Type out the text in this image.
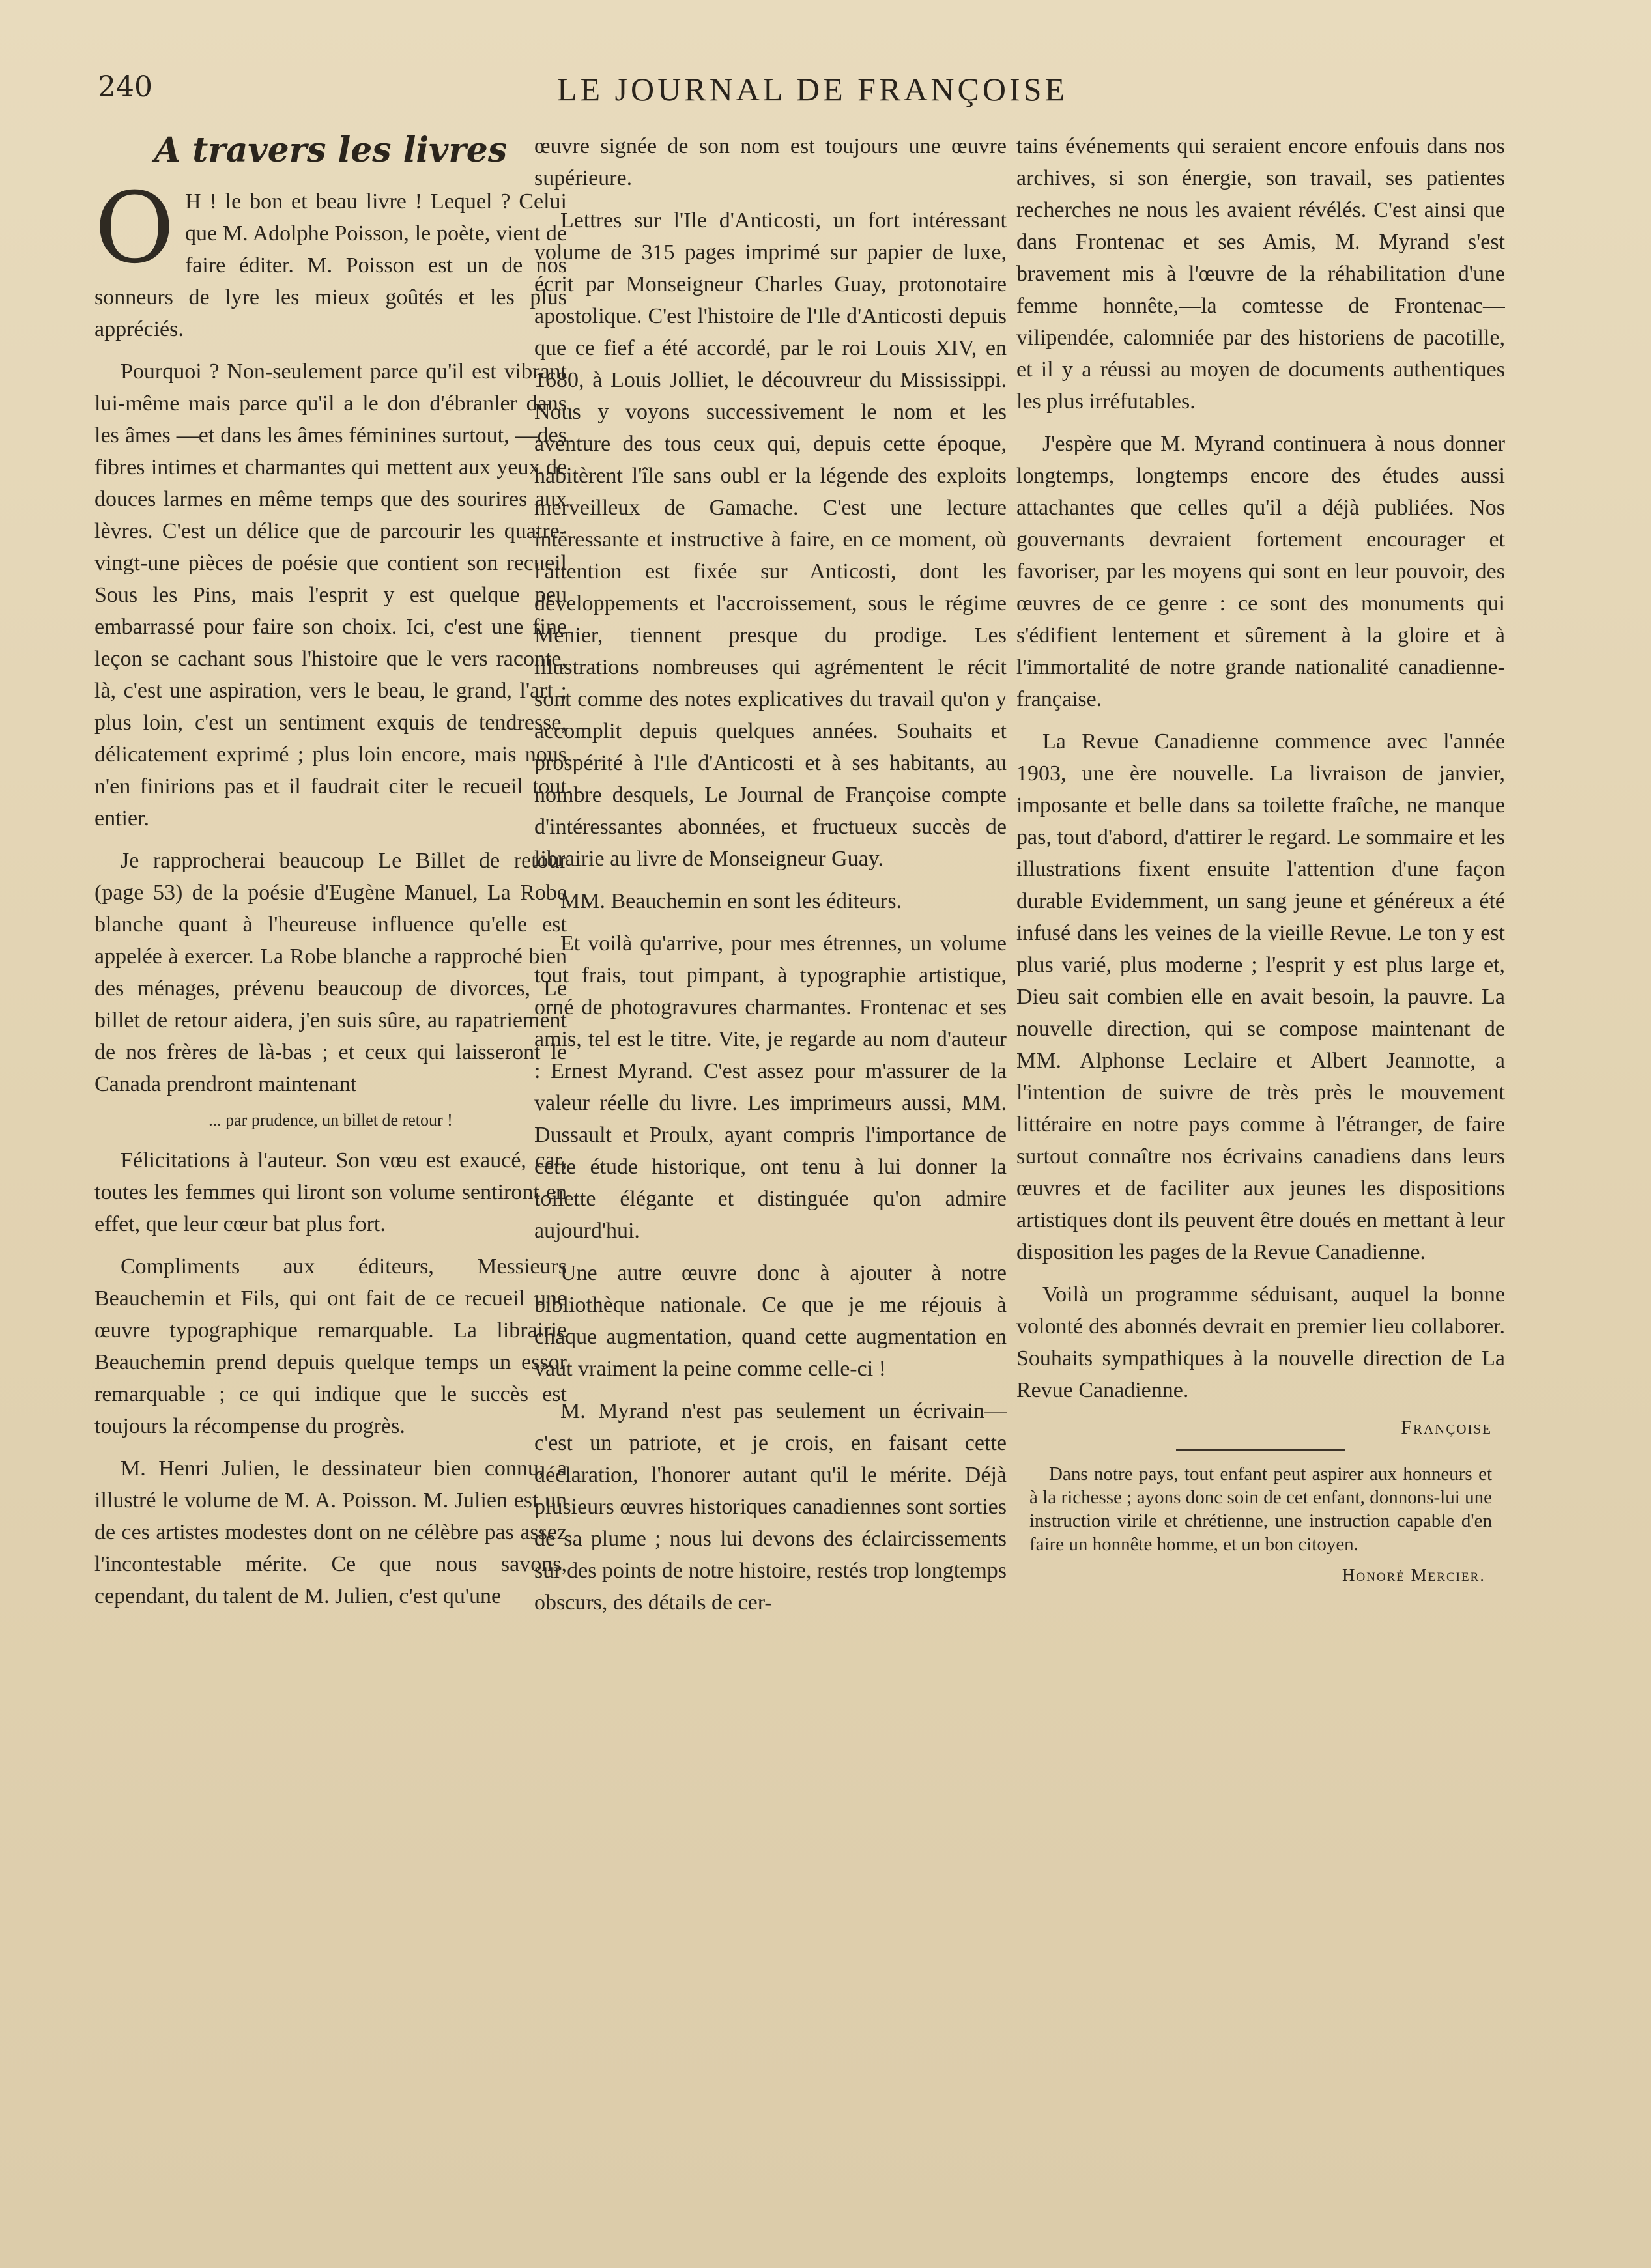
240	LE JOURNAL DE FRANÇOISE
A travers les livres
O H ! le bon et beau livre ! Lequel ? Celui que M. Adolphe Poisson, le poète, vient de faire éditer. M. Poisson est un de nos sonneurs de lyre les mieux goûtés et les plus appréciés.
Pourquoi ? Non-seulement parce qu'il est vibrant lui-même mais parce qu'il a le don d'ébranler dans les âmes —et dans les âmes féminines surtout, —des fibres intimes et charmantes qui mettent aux yeux de douces larmes en même temps que des sourires aux lèvres. C'est un délice que de parcourir les quatre-vingt-une pièces de poésie que contient son recueil Sous les Pins, mais l'esprit y est quelque peu embarrassé pour faire son choix. Ici, c'est une fine leçon se cachant sous l'histoire que le vers raconte, là, c'est une aspiration, vers le beau, le grand, l'art ; plus loin, c'est un sentiment exquis de tendresse, délicatement exprimé ; plus loin encore, mais nous n'en finirions pas et il faudrait citer le recueil tout entier.
Je rapprocherai beaucoup Le Billet de retour (page 53) de la poésie d'Eugène Manuel, La Robe blanche quant à l'heureuse influence qu'elle est appelée à exercer. La Robe blanche a rapproché bien des ménages, prévenu beaucoup de divorces, Le billet de retour aidera, j'en suis sûre, au rapatriement de nos frères de là-bas ; et ceux qui laisseront le Canada prendront maintenant
... par prudence, un billet de retour !
Félicitations à l'auteur. Son vœu est exaucé, car, toutes les femmes qui liront son volume sentiront en effet, que leur cœur bat plus fort.
Compliments aux éditeurs, Messieurs Beauchemin et Fils, qui ont fait de ce recueil une œuvre typographique remarquable. La librairie Beauchemin prend depuis quelque temps un essor remarquable ; ce qui indique que le succès est toujours la récompense du progrès.
M. Henri Julien, le dessinateur bien connu, a illustré le volume de M. A. Poisson. M. Julien est un de ces artistes modestes dont on ne célèbre pas assez l'incontestable mérite. Ce que nous savons, cependant, du talent de M. Julien, c'est qu'une
œuvre signée de son nom est toujours une œuvre supérieure.
Lettres sur l'Ile d'Anticosti, un fort intéressant volume de 315 pages imprimé sur papier de luxe, écrit par Monseigneur Charles Guay, protonotaire apostolique. C'est l'histoire de l'Ile d'Anticosti depuis que ce fief a été accordé, par le roi Louis XIV, en 1680, à Louis Jolliet, le découvreur du Mississippi. Nous y voyons successivement le nom et les aventure des tous ceux qui, depuis cette époque, habitèrent l'île sans oubl er la légende des exploits merveilleux de Gamache. C'est une lecture intéressante et instructive à faire, en ce moment, où l'attention est fixée sur Anticosti, dont les développements et l'accroissement, sous le régime Menier, tiennent presque du prodige. Les illustrations nombreuses qui agrémentent le récit sont comme des notes explicatives du travail qu'on y accomplit depuis quelques années. Souhaits et prospérité à l'Ile d'Anticosti et à ses habitants, au nombre desquels, Le Journal de Françoise compte d'intéressantes abonnées, et fructueux succès de librairie au livre de Monseigneur Guay.
MM. Beauchemin en sont les éditeurs.
Et voilà qu'arrive, pour mes étrennes, un volume tout frais, tout pimpant, à typographie artistique, orné de photogravures charmantes. Frontenac et ses amis, tel est le titre. Vite, je regarde au nom d'auteur : Ernest Myrand. C'est assez pour m'assurer de la valeur réelle du livre. Les imprimeurs aussi, MM. Dussault et Proulx, ayant compris l'importance de cette étude historique, ont tenu à lui donner la toilette élégante et distinguée qu'on admire aujourd'hui.
Une autre œuvre donc à ajouter à notre bibliothèque nationale. Ce que je me réjouis à chaque augmentation, quand cette augmentation en vaut vraiment la peine comme celle-ci !
M. Myrand n'est pas seulement un écrivain— c'est un patriote, et je crois, en faisant cette déclaration, l'honorer autant qu'il le mérite. Déjà plusieurs œuvres historiques canadiennes sont sorties de sa plume ; nous lui devons des éclaircissements sur des points de notre histoire, restés trop longtemps obscurs, des détails de cer-
tains événements qui seraient encore enfouis dans nos archives, si son énergie, son travail, ses patientes recherches ne nous les avaient révélés. C'est ainsi que dans Frontenac et ses Amis, M. Myrand s'est bravement mis à l'œuvre de la réhabilitation d'une femme honnête,—la comtesse de Frontenac—vilipendée, calomniée par des historiens de pacotille, et il y a réussi au moyen de documents authentiques les plus irréfutables.
J'espère que M. Myrand continuera à nous donner longtemps, longtemps encore des études aussi attachantes que celles qu'il a déjà publiées. Nos gouvernants devraient fortement encourager et favoriser, par les moyens qui sont en leur pouvoir, des œuvres de ce genre : ce sont des monuments qui s'édifient lentement et sûrement à la gloire et à l'immortalité de notre grande nationalité canadienne-française.
La Revue Canadienne commence avec l'année 1903, une ère nouvelle. La livraison de janvier, imposante et belle dans sa toilette fraîche, ne manque pas, tout d'abord, d'attirer le regard. Le sommaire et les illustrations fixent ensuite l'attention d'une façon durable Evidemment, un sang jeune et généreux a été infusé dans les veines de la vieille Revue. Le ton y est plus varié, plus moderne ; l'esprit y est plus large et, Dieu sait combien elle en avait besoin, la pauvre. La nouvelle direction, qui se compose maintenant de MM. Alphonse Leclaire et Albert Jeannotte, a l'intention de suivre de très près le mouvement littéraire en notre pays comme à l'étranger, de faire surtout connaître nos écrivains canadiens dans leurs œuvres et de faciliter aux jeunes les dispositions artistiques dont ils peuvent être doués en mettant à leur disposition les pages de la Revue Canadienne.
Voilà un programme séduisant, auquel la bonne volonté des abonnés devrait en premier lieu collaborer. Souhaits sympathiques à la nouvelle direction de La Revue Canadienne.
Françoise
Dans notre pays, tout enfant peut aspirer aux honneurs et à la richesse ; ayons donc soin de cet enfant, donnons-lui une instruction virile et chrétienne, une instruction capable d'en faire un honnête homme, et un bon citoyen.
Honoré Mercier.
